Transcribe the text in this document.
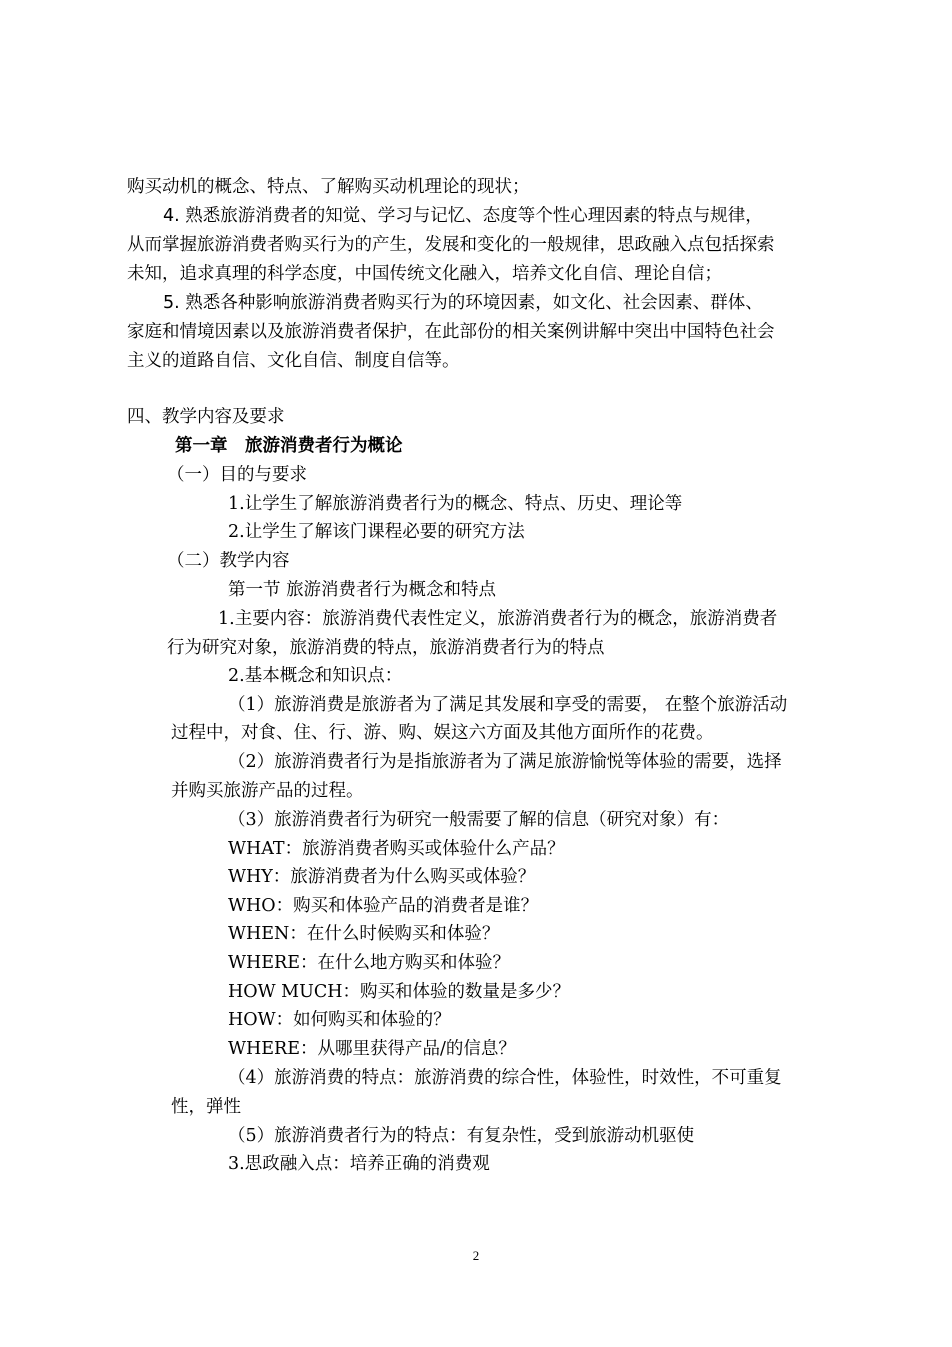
购买动机的概念、特点、了解购买动机理论的现状；
4. 熟悉旅游消费者的知觉、学习与记忆、态度等个性心理因素的特点与规律，
从而掌握旅游消费者购买行为的产生，发展和变化的一般规律，思政融入点包括探索
未知，追求真理的科学态度，中国传统文化融入，培养文化自信、理论自信；
5. 熟悉各种影响旅游消费者购买行为的环境因素，如文化、社会因素、群体、
家庭和情境因素以及旅游消费者保护，在此部份的相关案例讲解中突出中国特色社会
主义的道路自信、文化自信、制度自信等。
四、教学内容及要求
第一章　旅游消费者行为概论
（一）目的与要求
1.让学生了解旅游消费者行为的概念、特点、历史、理论等
2.让学生了解该门课程必要的研究方法
（二）教学内容
第一节 旅游消费者行为概念和特点
1.主要内容：旅游消费代表性定义，旅游消费者行为的概念，旅游消费者
行为研究对象，旅游消费的特点，旅游消费者行为的特点
2.基本概念和知识点：
（1）旅游消费是旅游者为了满足其发展和享受的需要， 在整个旅游活动
过程中，对食、住、行、游、购、娱这六方面及其他方面所作的花费。
（2）旅游消费者行为是指旅游者为了满足旅游愉悦等体验的需要，选择
并购买旅游产品的过程。
（3）旅游消费者行为研究一般需要了解的信息（研究对象）有：
WHAT：旅游消费者购买或体验什么产品？
WHY：旅游消费者为什么购买或体验？
WHO：购买和体验产品的消费者是谁？
WHEN：在什么时候购买和体验？
WHERE：在什么地方购买和体验？
HOW MUCH：购买和体验的数量是多少？
HOW：如何购买和体验的？
WHERE：从哪里获得产品/的信息？
（4）旅游消费的特点：旅游消费的综合性，体验性，时效性，不可重复
性，弹性
（5）旅游消费者行为的特点：有复杂性，受到旅游动机驱使
3.思政融入点：培养正确的消费观
2
